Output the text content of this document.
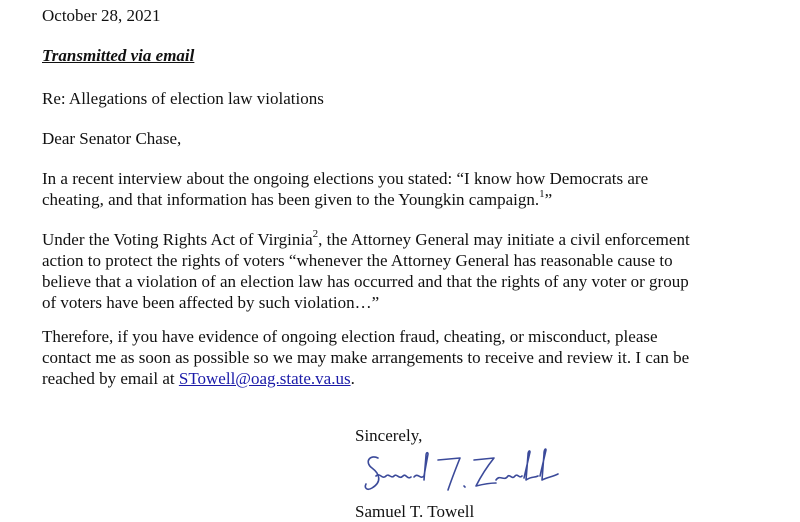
October 28, 2021

Transmitted via email

Re: Allegations of election law violations

Dear Senator Chase,

In a recent interview about the ongoing elections you stated: “I know how Democrats are
cheating, and that information has been given to the Youngkin campaign.$^1$”

Under the Voting Rights Act of Virginia$^2$, the Attorney General may initiate a civil enforcement
action to protect the rights of voters “whenever the Attorney General has reasonable cause to
believe that a violation of an election law has occurred and that the rights of any voter or group
of voters have been affected by such violation…”

Therefore, if you have evidence of ongoing election fraud, cheating, or misconduct, please
contact me as soon as possible so we may make arrangements to receive and review it. I can be
reached by email at STowell@oag.state.va.us.

Sincerely,
Samuel T. Towell
